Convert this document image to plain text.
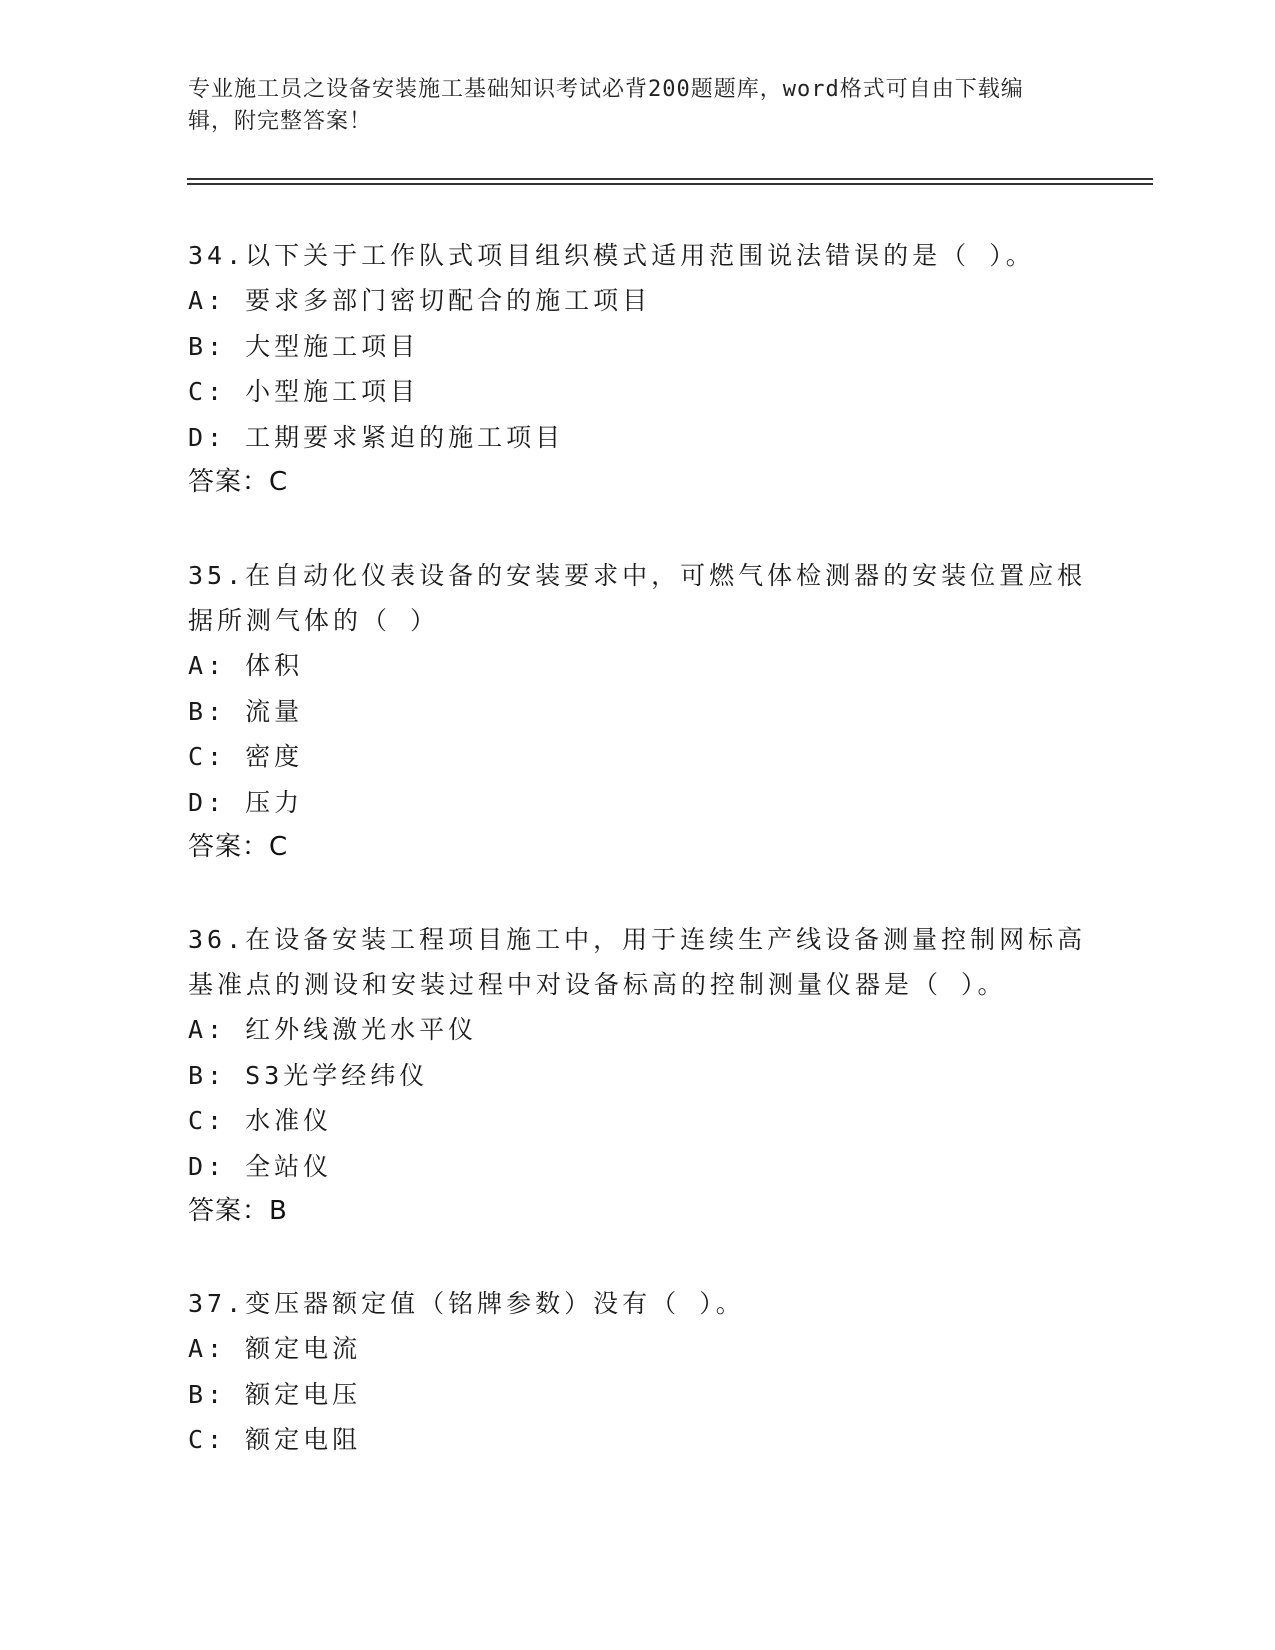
专业施工员之设备安装施工基础知识考试必背200题题库，word格式可自由下载编辑，附完整答案！
34.以下关于工作队式项目组织模式适用范围说法错误的是（ ）。
A: 要求多部门密切配合的施工项目
B: 大型施工项目
C: 小型施工项目
D: 工期要求紧迫的施工项目
答案：C
35.在自动化仪表设备的安装要求中，可燃气体检测器的安装位置应根据所测气体的（ ）
A: 体积
B: 流量
C: 密度
D: 压力
答案：C
36.在设备安装工程项目施工中，用于连续生产线设备测量控制网标高基准点的测设和安装过程中对设备标高的控制测量仪器是（ ）。
A: 红外线激光水平仪
B: S3光学经纬仪
C: 水准仪
D: 全站仪
答案：B
37.变压器额定值（铭牌参数）没有（ ）。
A: 额定电流
B: 额定电压
C: 额定电阻
